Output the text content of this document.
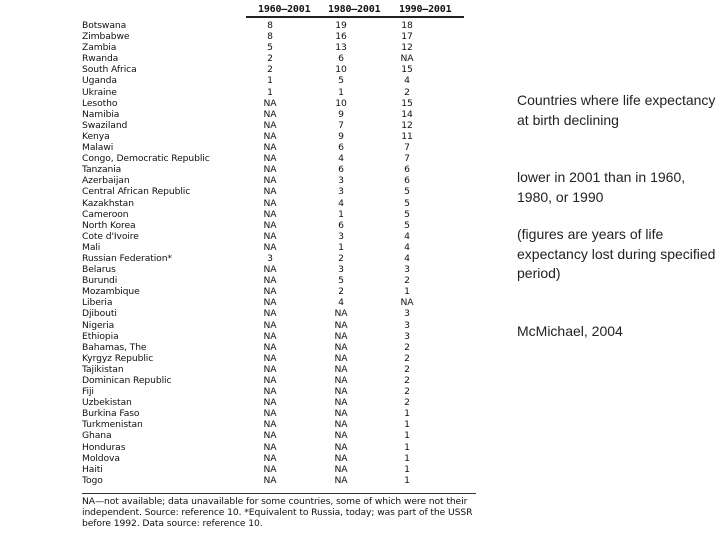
1960–2001 1980–2001 1990–2001
Botswana	8	19	18
Zimbabwe	8	16	17
Zambia	5	13	12
Rwanda	2	6	NA
South Africa	2	10	15
Uganda	1	5	4
Ukraine	1	1	2
Lesotho	NA	10	15
Namibia	NA	9	14
Swaziland	NA	7	12
Kenya	NA	9	11
Malawi	NA	6	7
Congo, Democratic Republic	NA	4	7
Tanzania	NA	6	6
Azerbaijan	NA	3	6
Central African Republic	NA	3	5
Kazakhstan	NA	4	5
Cameroon	NA	1	5
North Korea	NA	6	5
Cote d'Ivoire	NA	3	4
Mali	NA	1	4
Russian Federation*	3	2	4
Belarus	NA	3	3
Burundi	NA	5	2
Mozambique	NA	2	1
Liberia	NA	4	NA
Djibouti	NA	NA	3
Nigeria	NA	NA	3
Ethiopia	NA	NA	3
Bahamas, The	NA	NA	2
Kyrgyz Republic	NA	NA	2
Tajikistan	NA	NA	2
Dominican Republic	NA	NA	2
Fiji	NA	NA	2
Uzbekistan	NA	NA	2
Burkina Faso	NA	NA	1
Turkmenistan	NA	NA	1
Ghana	NA	NA	1
Honduras	NA	NA	1
Moldova	NA	NA	1
Haiti	NA	NA	1
Togo	NA	NA	1
NA—not available; data unavailable for some countries, some of which were not their independent. Source: reference 10. *Equivalent to Russia, today; was part of the USSR before 1992. Data source: reference 10.
Countries where life expectancy at birth declining
lower in 2001 than in 1960, 1980, or 1990
(figures are years of life expectancy lost during specified period)
McMichael, 2004
